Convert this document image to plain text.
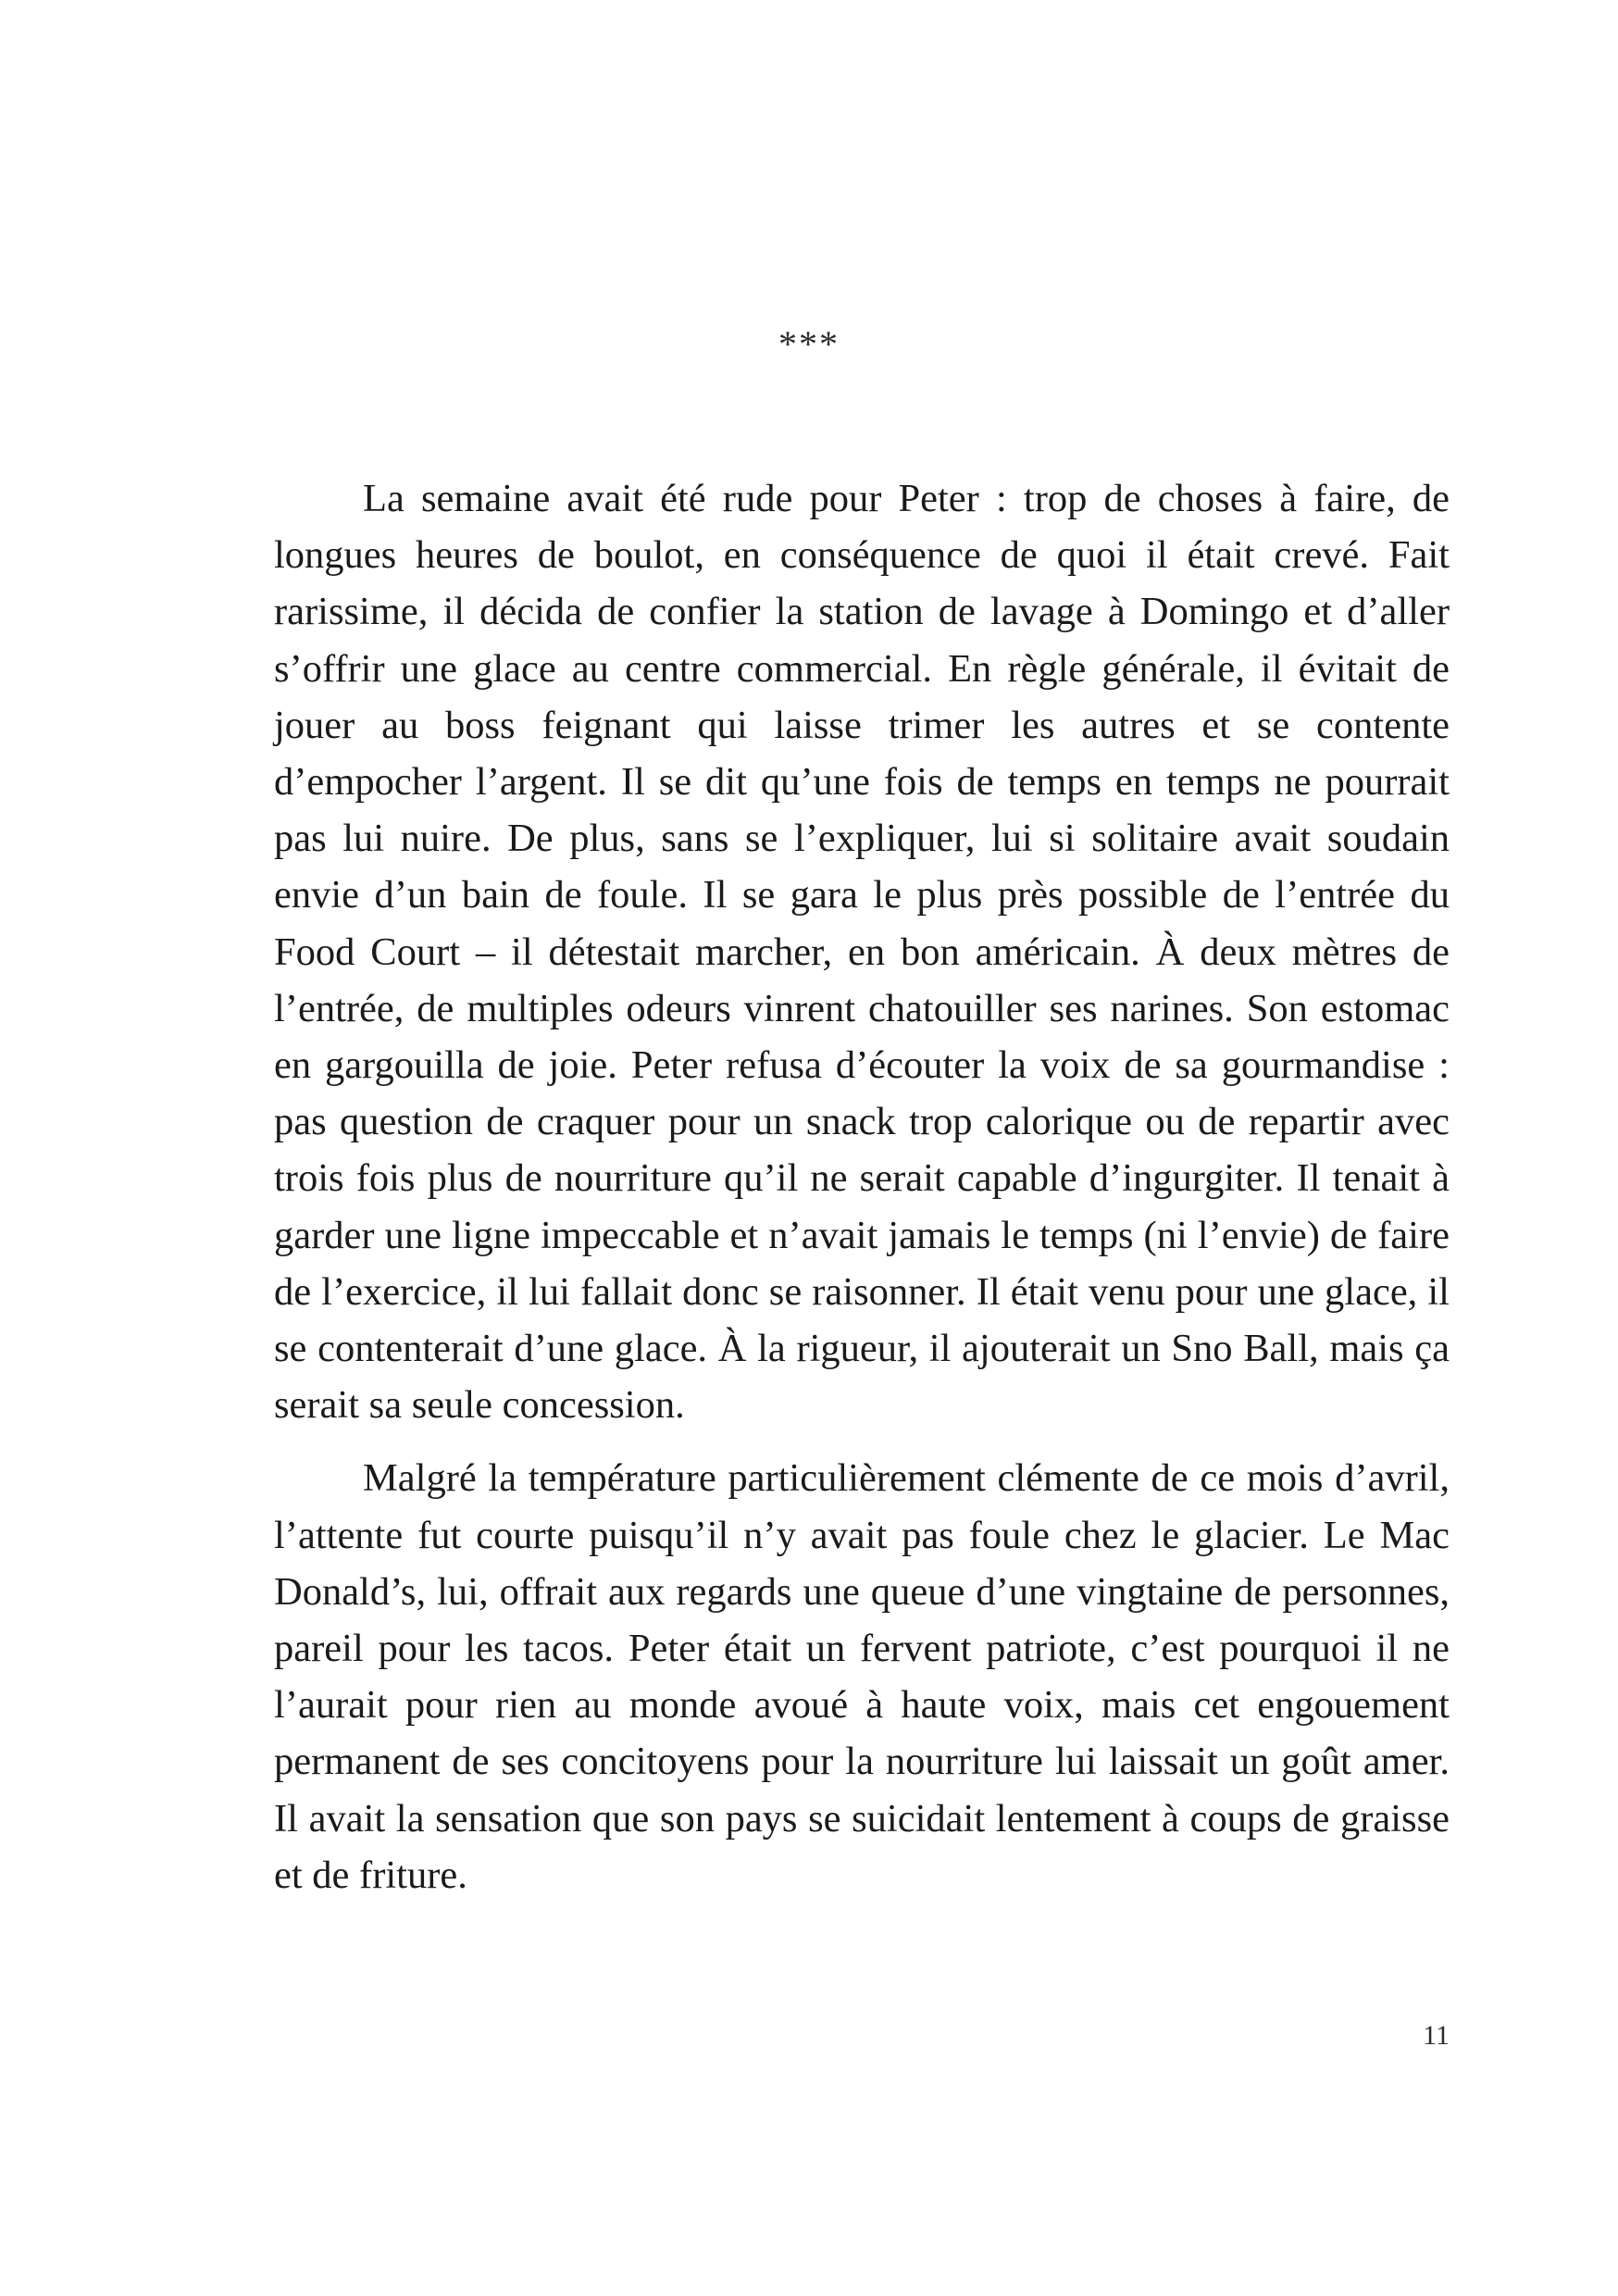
***

La semaine avait été rude pour Peter : trop de choses à faire, de longues heures de boulot, en conséquence de quoi il était crevé. Fait rarissime, il décida de confier la station de lavage à Domingo et d’aller s’offrir une glace au centre commercial. En règle générale, il évitait de jouer au boss feignant qui laisse trimer les autres et se contente d’empocher l’argent. Il se dit qu’une fois de temps en temps ne pourrait pas lui nuire. De plus, sans se l’expliquer, lui si solitaire avait soudain envie d’un bain de foule. Il se gara le plus près possible de l’entrée du Food Court – il détestait marcher, en bon américain. À deux mètres de l’entrée, de multiples odeurs vinrent chatouiller ses narines. Son estomac en gargouilla de joie. Peter refusa d’écouter la voix de sa gourmandise : pas question de craquer pour un snack trop calorique ou de repartir avec trois fois plus de nourriture qu’il ne serait capable d’ingurgiter. Il tenait à garder une ligne impeccable et n’avait jamais le temps (ni l’envie) de faire de l’exercice, il lui fallait donc se raisonner. Il était venu pour une glace, il se contenterait d’une glace. À la rigueur, il ajouterait un Sno Ball, mais ça serait sa seule concession.

Malgré la température particulièrement clémente de ce mois d’avril, l’attente fut courte puisqu’il n’y avait pas foule chez le glacier. Le Mac Donald’s, lui, offrait aux regards une queue d’une vingtaine de personnes, pareil pour les tacos. Peter était un fervent patriote, c’est pourquoi il ne l’aurait pour rien au monde avoué à haute voix, mais cet engouement permanent de ses concitoyens pour la nourriture lui laissait un goût amer. Il avait la sensation que son pays se suicidait lentement à coups de graisse et de friture.

11
